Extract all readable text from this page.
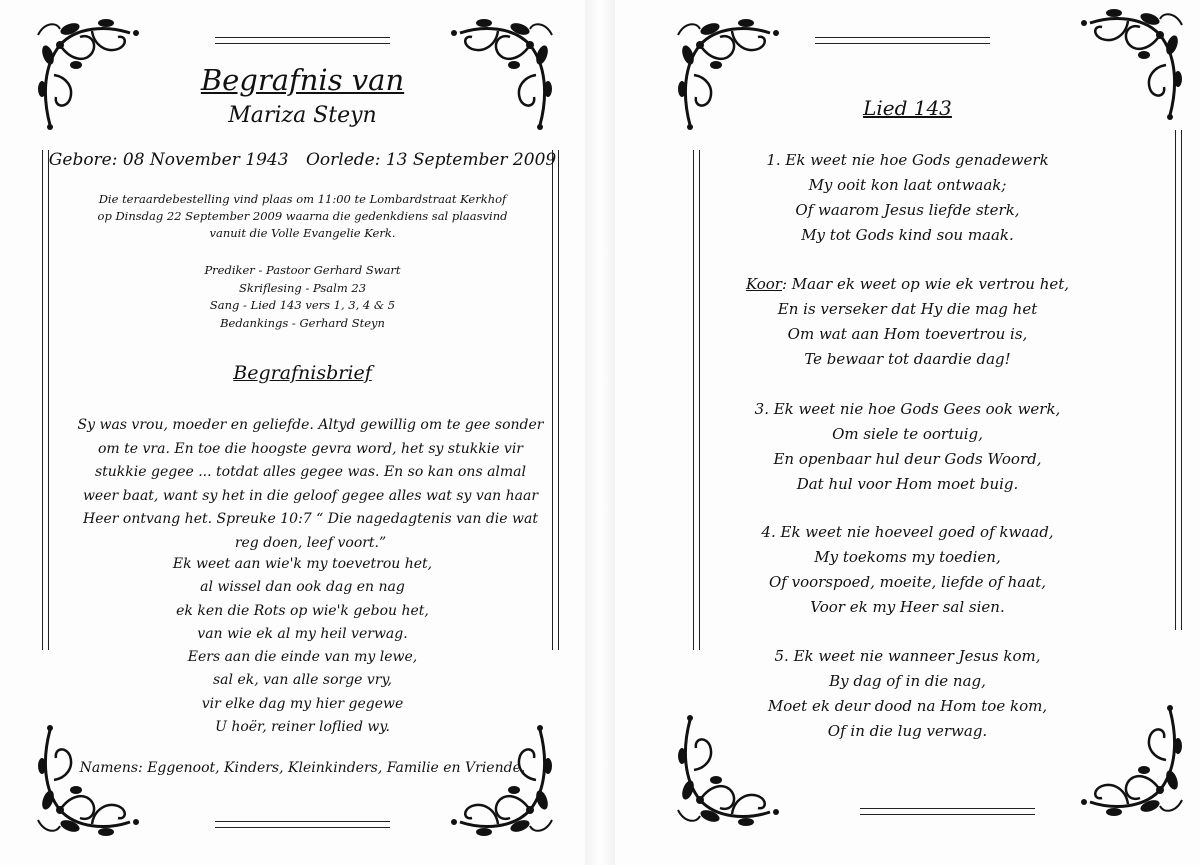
Begrafnis van
Mariza Steyn
Gebore: 08 November 1943 Oorlede: 13 September 2009
Die teraardebestelling vind plaas om 11:00 te Lombardstraat Kerkhof
op Dinsdag 22 September 2009 waarna die gedenkdiens sal plaasvind
vanuit die Volle Evangelie Kerk.
Prediker - Pastoor Gerhard Swart
Skriflesing - Psalm 23
Sang - Lied 143 vers 1, 3, 4 & 5
Bedankings - Gerhard Steyn
Begrafnisbrief
Sy was vrou, moeder en geliefde. Altyd gewillig om te gee sonder
om te vra. En toe die hoogste gevra word, het sy stukkie vir
stukkie gegee ... totdat alles gegee was. En so kan ons almal
weer baat, want sy het in die geloof gegee alles wat sy van haar
Heer ontvang het. Spreuke 10:7 “ Die nagedagtenis van die wat
reg doen, leef voort.”
Ek weet aan wie'k my toevetrou het,
al wissel dan ook dag en nag
ek ken die Rots op wie'k gebou het,
van wie ek al my heil verwag.
Eers aan die einde van my lewe,
sal ek, van alle sorge vry,
vir elke dag my hier gegewe
U hoër, reiner loflied wy.
Namens: Eggenoot, Kinders, Kleinkinders, Familie en Vriende.
Lied 143
1. Ek weet nie hoe Gods genadewerk
My ooit kon laat ontwaak;
Of waarom Jesus liefde sterk,
My tot Gods kind sou maak.
Koor: Maar ek weet op wie ek vertrou het,
En is verseker dat Hy die mag het
Om wat aan Hom toevertrou is,
Te bewaar tot daardie dag!
3. Ek weet nie hoe Gods Gees ook werk,
Om siele te oortuig,
En openbaar hul deur Gods Woord,
Dat hul voor Hom moet buig.
4. Ek weet nie hoeveel goed of kwaad,
My toekoms my toedien,
Of voorspoed, moeite, liefde of haat,
Voor ek my Heer sal sien.
5. Ek weet nie wanneer Jesus kom,
By dag of in die nag,
Moet ek deur dood na Hom toe kom,
Of in die lug verwag.
